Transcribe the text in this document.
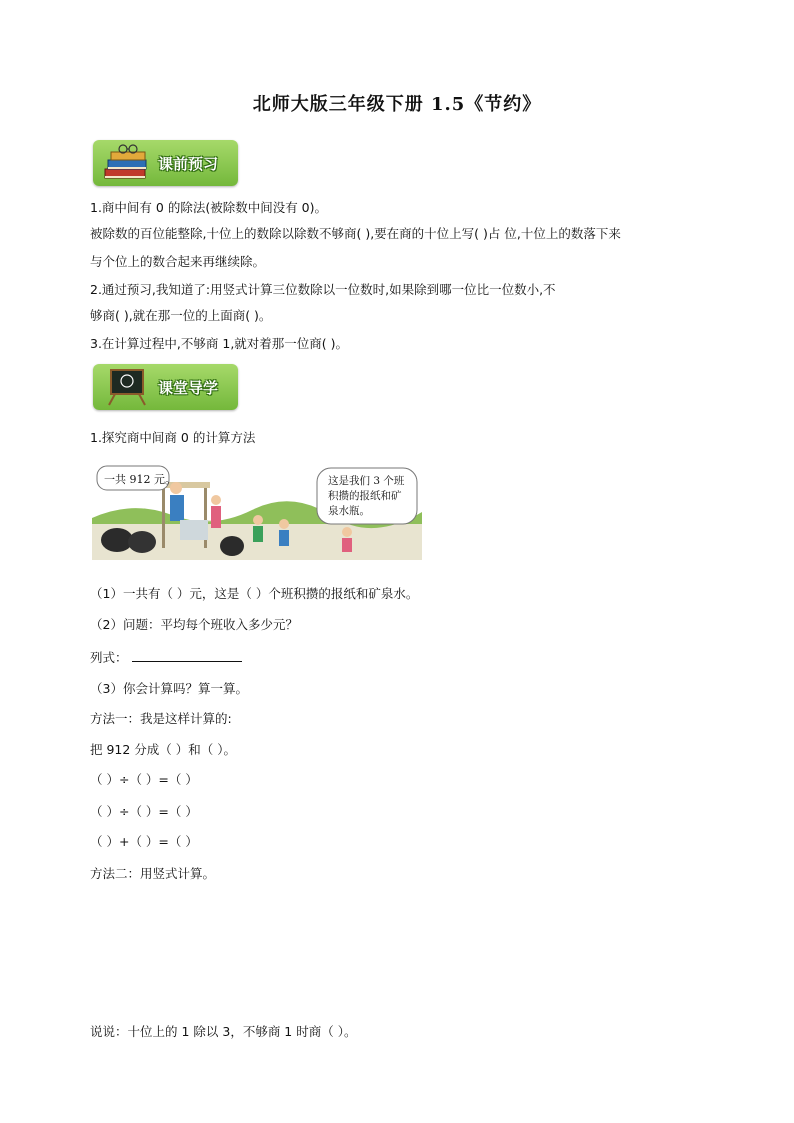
北师大版三年级下册 1.5《节约》
课前预习
1.商中间有 0 的除法(被除数中间没有 0)。
被除数的百位能整除,十位上的数除以除数不够商( ),要在商的十位上写( )占 位,十位上的数落下来
与个位上的数合起来再继续除。
2.通过预习,我知道了:用竖式计算三位数除以一位数时,如果除到哪一位比一位数小,不
够商( ),就在那一位的上面商( )。
3.在计算过程中,不够商 1,就对着那一位商( )。
课堂导学
1.探究商中间商 0 的计算方法
一共 912 元。	这是我们 3 个班积攒的报纸和矿泉水瓶。
（1）一共有（ ）元，这是（ ）个班积攒的报纸和矿泉水。
（2）问题：平均每个班收入多少元？
列式：
（3）你会计算吗？算一算。
方法一：我是这样计算的:
把 912 分成（ ）和（ ）。
（ ）÷（ ）=（ ）
（ ）÷（ ）=（ ）
（ ）+（ ）=（ ）
方法二：用竖式计算。
说说：十位上的 1 除以 3，不够商 1 时商（ ）。
